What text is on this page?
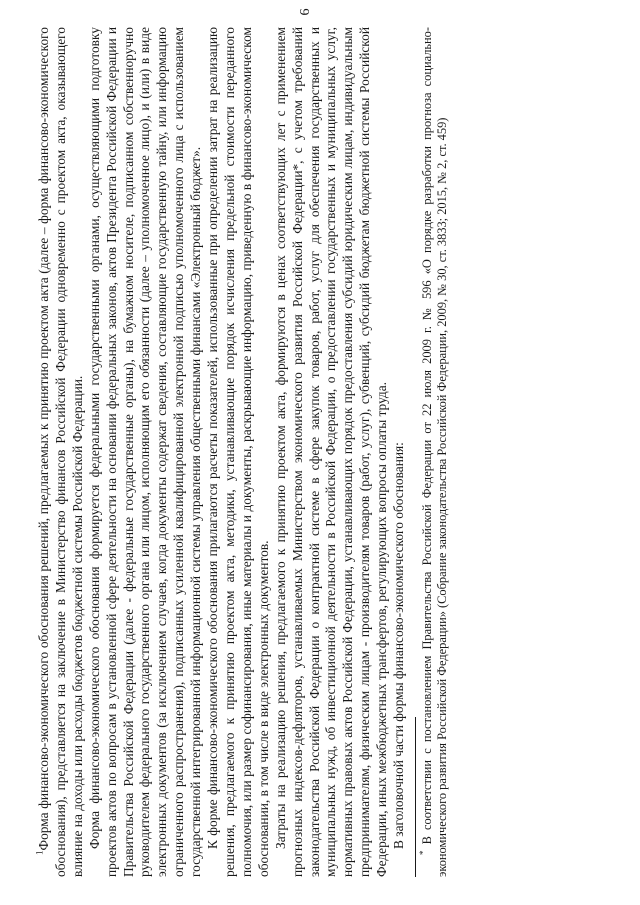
6

$^1$Форма финансово-экономического обоснования решений, предлагаемых к принятию проектом акта (далее – форма финансово-экономического обоснования), представляется на заключение в Министерство финансов Российской Федерации одновременно с проектом акта, оказывающего влияние на доходы или расходы бюджетов бюджетной системы Российской Федерации. Форма финансово-экономического обоснования формируется федеральными государственными органами, осуществляющими подготовку проектов актов по вопросам в установленной сфере деятельности на основании федеральных законов, актов Президента Российской Федерации и Правительства Российской Федерации (далее - федеральные государственные органы), на бумажном носителе, подписанном собственноручно руководителем федерального государственного органа или лицом, исполняющим его обязанности (далее – уполномоченное лицо), и (или) в виде электронных документов (за исключением случаев, когда документы содержат сведения, составляющие государственную тайну, или информацию ограниченного распространения), подписанных усиленной квалифицированной электронной подписью уполномоченного лица с использованием государственной интегрированной информационной системы управления общественными финансами «Электронный бюджет». К форме финансово-экономического обоснования прилагаются расчеты показателей, использованные при определении затрат на реализацию решения, предлагаемого к принятию проектом акта, методики, устанавливающие порядок исчисления предельной стоимости переданного полномочия, или размер софинансирования, иные материалы и документы, раскрывающие информацию, приведенную в финансово-экономическом обосновании, в том числе в виде электронных документов. Затраты на реализацию решения, предлагаемого к принятию проектом акта, формируются в ценах соответствующих лет с применением прогнозных индексов-дефляторов, устанавливаемых Министерством экономического развития Российской Федерации*, с учетом требований законодательства Российской Федерации о контрактной системе в сфере закупок товаров, работ, услуг для обеспечения государственных и муниципальных нужд, об инвестиционной деятельности в Российской Федерации, о предоставлении государственных и муниципальных услуг, нормативных правовых актов Российской Федерации, устанавливающих порядок предоставления субсидий юридическим лицам, индивидуальным предпринимателям, физическим лицам - производителям товаров (работ, услуг), субвенций, субсидий бюджетам бюджетной системы Российской Федерации, иных межбюджетных трансфертов, регулирующих вопросы оплаты труда. В заголовочной части формы финансово-экономического обоснования:

* В соответствии с постановлением Правительства Российской Федерации от 22 июля 2009 г. № 596 «О порядке разработки прогноза социально-экономического развития Российской Федерации» (Собрание законодательства Российской Федерации, 2009, № 30, ст. 3833; 2015, № 2, ст. 459)
